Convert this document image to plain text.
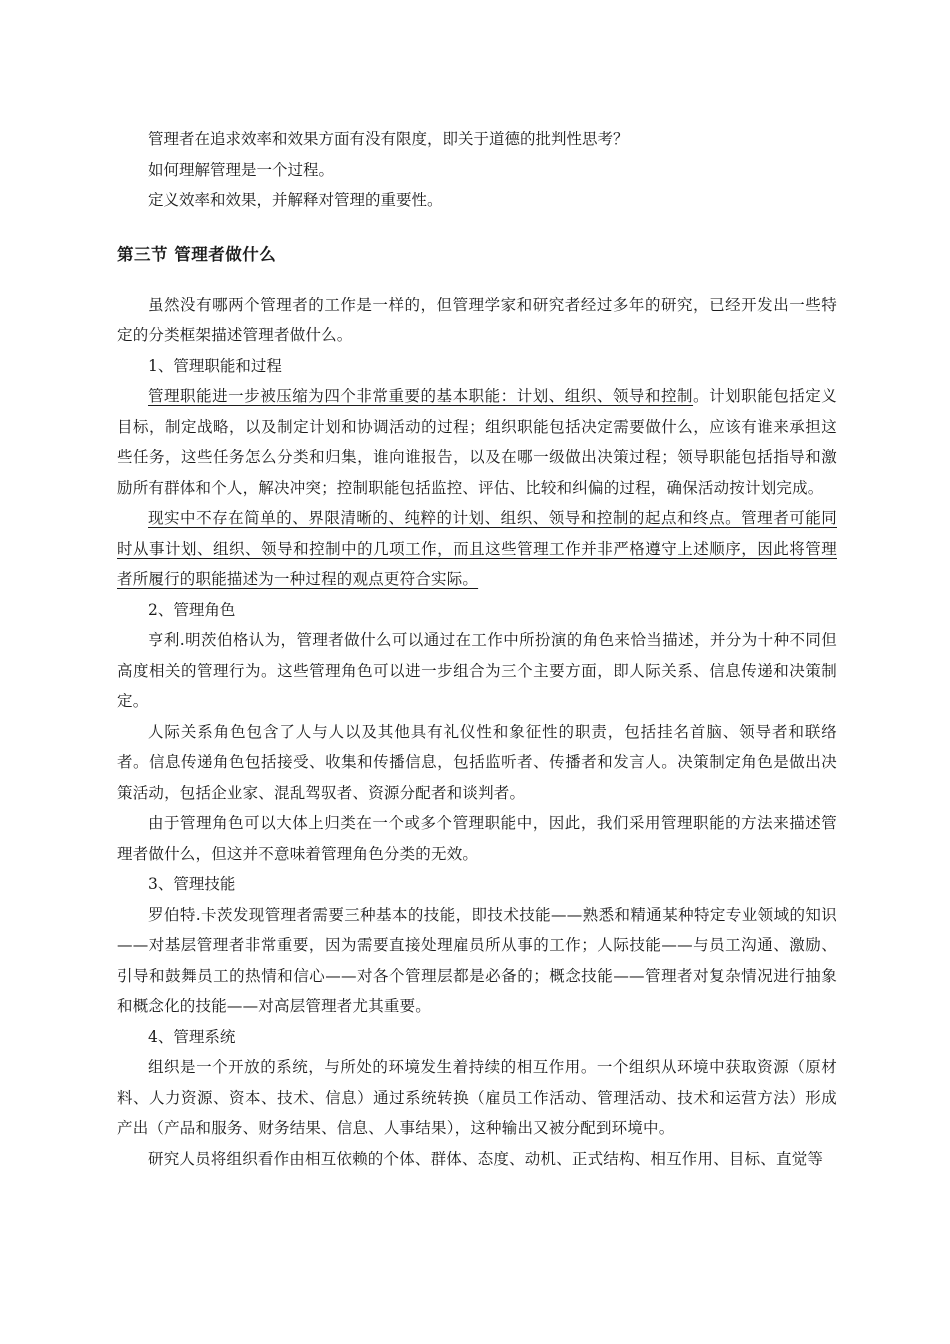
管理者在追求效率和效果方面有没有限度，即关于道德的批判性思考？

如何理解管理是一个过程。

定义效率和效果，并解释对管理的重要性。

第三节 管理者做什么

虽然没有哪两个管理者的工作是一样的，但管理学家和研究者经过多年的研究，已经开发出一些特定的分类框架描述管理者做什么。

1、管理职能和过程

管理职能进一步被压缩为四个非常重要的基本职能：计划、组织、领导和控制。计划职能包括定义目标，制定战略，以及制定计划和协调活动的过程；组织职能包括决定需要做什么，应该有谁来承担这些任务，这些任务怎么分类和归集，谁向谁报告，以及在哪一级做出决策过程；领导职能包括指导和激励所有群体和个人，解决冲突；控制职能包括监控、评估、比较和纠偏的过程，确保活动按计划完成。

现实中不存在简单的、界限清晰的、纯粹的计划、组织、领导和控制的起点和终点。管理者可能同时从事计划、组织、领导和控制中的几项工作，而且这些管理工作并非严格遵守上述顺序，因此将管理者所履行的职能描述为一种过程的观点更符合实际。

2、管理角色

亨利.明茨伯格认为，管理者做什么可以通过在工作中所扮演的角色来恰当描述，并分为十种不同但高度相关的管理行为。这些管理角色可以进一步组合为三个主要方面，即人际关系、信息传递和决策制定。

人际关系角色包含了人与人以及其他具有礼仪性和象征性的职责，包括挂名首脑、领导者和联络者。信息传递角色包括接受、收集和传播信息，包括监听者、传播者和发言人。决策制定角色是做出决策活动，包括企业家、混乱驾驭者、资源分配者和谈判者。

由于管理角色可以大体上归类在一个或多个管理职能中，因此，我们采用管理职能的方法来描述管理者做什么，但这并不意味着管理角色分类的无效。

3、管理技能

罗伯特.卡茨发现管理者需要三种基本的技能，即技术技能——熟悉和精通某种特定专业领域的知识——对基层管理者非常重要，因为需要直接处理雇员所从事的工作；人际技能——与员工沟通、激励、引导和鼓舞员工的热情和信心——对各个管理层都是必备的；概念技能——管理者对复杂情况进行抽象和概念化的技能——对高层管理者尤其重要。

4、管理系统

组织是一个开放的系统，与所处的环境发生着持续的相互作用。一个组织从环境中获取资源（原材料、人力资源、资本、技术、信息）通过系统转换（雇员工作活动、管理活动、技术和运营方法）形成产出（产品和服务、财务结果、信息、人事结果），这种输出又被分配到环境中。

研究人员将组织看作由相互依赖的个体、群体、态度、动机、正式结构、相互作用、目标、直觉等
